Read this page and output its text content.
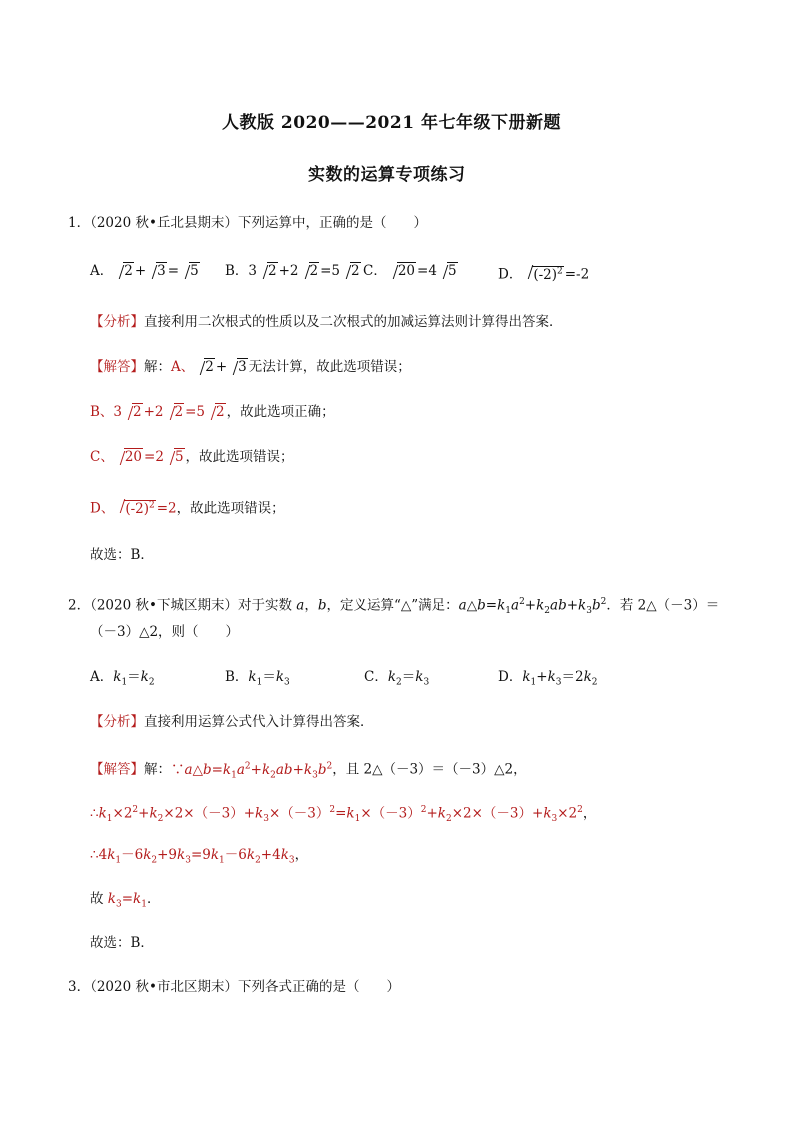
人教版 2020——2021 年七年级下册新题
实数的运算专项练习
1．（2020 秋•丘北县期末）下列运算中，正确的是（　　）
A． 2 + 3 = 5 B．3 2 +2 2 =5 2 C． 20 =4 5	D． $(-2)^2 =-2$
【分析】直接利用二次根式的性质以及二次根式的加减运算法则计算得出答案．
【解答】解：A、 2 + 3 无法计算，故此选项错误；
B、3 2 +2 2 =5 2 ，故此选项正确；
C、 20 =2 5 ，故此选项错误；
D、 $(-2)^2 =2$，故此选项错误；
故选：B．
2．（2020 秋•下城区期末）对于实数 a，b，定义运算“△”满足：$a\triangle b=k_1a^2+k_2ab+k_3b^2$．若 2△（－3）＝
（－3）△2，则（　　）
A．$k_1=k_2$	B．$k_1=k_3$	C．$k_2=k_3$	D．$k_1+k_3=2k_2$
【分析】直接利用运算公式代入计算得出答案．
【解答】解：$\because a\triangle b=k_1a^2+k_2ab+k_3b^2$，且 2△（－3）＝（－3）△2，
$\therefore k_1\times 2^2+k_2\times 2\times(-3)+k_3\times(-3)^2=k_1\times(-3)^2+k_2\times 2\times(-3)+k_3\times 2^2$，
$\therefore 4k_1-6k_2+9k_3=9k_1-6k_2+4k_3$，
故 $k_3=k_1$．
故选：B．
3．（2020 秋•市北区期末）下列各式正确的是（　　）
